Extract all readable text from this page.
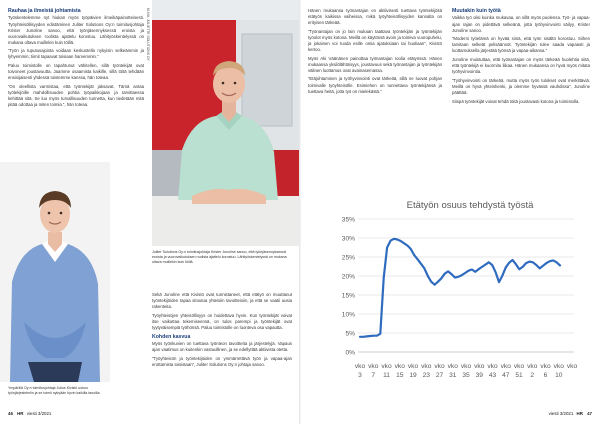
Rauhaa ja ilmeistä johtamista

Työskentelemme nyt hiukan myös työpäivien ilmeikäpainotteisesti. Työyhteisöllisyyden edistäminen Juliter Solutions Oy:n toimitusjohtaja Krister Junoline sanoo, että työnjäsennyksessä eroista ja vuorovaikutuksen roolista ajattelu korostuu. Lähityöskentelyssä on mukana oltava muillekin kuin töillä.

”Työn ja tuputusajoista voidaan keskustella nykyisin selkeämmin ja lyhyemmin; tiimit tapaavat toisiaan harvemmin.”

Paluu toimistolle on tapahtunut vähitellen, sillä työntekijät ovat toivoneet joustavuutta. Jaamme osaamista kaikille, sillä töitä tehdään ensisijaisesti yhdessä toistemme kanssa, hän toteaa.

”On oleellista varmistaa, että työntekijät jaksavat. Tämä antaa työtekijöille mahdollisuuden pohtia työpaikkojaan ja tarvittaessa kehittää sitä. Se luo myös turvallisuuden tunnetta, kun tiedetään mitä pitää odottaa ja miten toimia.”, hän toteaa.

KUVA: JULIETTE SOLUTIONS OY
Ympärillä Oy:n toimitusjohtaja Julius Kivistö uskoo työnjärjestelmiin ja se toimii nykyään hyvin kaikilla tasoilla.
Juliter Solutions Oy:n toimitusjohtaja Krister Junoline sanoo, että työnjäsennyksessä eroista ja vuorovaikutuksen roolista ajattelu korostuu. Lähityöskentelyssä on mukana oltava muillekin kuin töillä.

Sekä Junoline että Kivistö ovat tunnistaneet, että etätyö on muuttanut työntekijöiden tapaa sitoutua yhteisiin tavoitteisiin, ja että se vaatii uusia rakenteita.

Työyhteisöjen yhteisöllisyys on hoidettava hyvin. Kun työntekijät voivat itse vaikuttaa tekemiseensä, on tulos parempi ja työntekijät ovat tyytyväisempiä työhönsä. Paluu toimistolle on luonteva osa vapautta.

Kohden kasvua

Myös työnkuvien on tuettava työnteon tavoitteita ja järjestelyjä. Vapaus ajan vaatimus on kuitenkin vastuullinen, ja se edellyttää aktiivista otetta.

”Työyhteisön ja työntekijöiden on ymmärrettävä työn ja vapaa-ajan erottamista toisistaan”, Juliter Solutions Oy:n johtaja sanoo.

46 HR viesti 3/2021

Hänen mukaansa työnantajan on aktiivisesti tuettava työntekijöitä etätyön kaikissa vaiheissa, mikä työyhteisöllisyyden kannalta on erityisen tärkeää.

”Työnantajan on jo lain mukaan taattava työntekijän ja työntekijän työolot myös kotona. Meillä on käytössä avoin ja toimiva vuoropuhelu, ja jokainen voi tuoda esille omia ajatuksiaan tai huoliaan”, Kivistö kertoo.

Myös Aki Väänänen painottaa työnantajan roolia etätyössä. Hänen mukaansa yksilölähtöisyys, joustavuus sekä työnantajan ja työntekijän välinen luottamus ovat avainasemassa.

”Etäjohtaminen ja työhyvinvointi ovat tärkeitä, sillä ne luovat pohjan toimivalle työyhteisölle. Esimiehen on tunnettava työntekijänsä ja tuettava heitä, jotta työ on mielekästä.”

Muutakin kuin työtä

Vaikka työ olisi kuinka mukavaa, on sillä myös puolensa. Työ- ja vapaa-ajan rajan on pidettävä selkeänä, jotta työhyvinvointi säilyy, Krister Junoline sanoo.

”Moderni työelämä on hyvää siinä, että työn sisältö korostuu. Siihen tarvitaan selkeät pelisäännöt. Työntekijän tulee saada vapaasti ja luottamuksella järjestää työnsä ja vapaa-aikansa.”

Junoline muistuttaa, että työnantajan on myös tärkeää huolehtia siitä, että työntekijä ei kuormitu liikaa. Hänen mukaansa on hyvä myös mitata työhyvinvointia.

”Työhyvinvointi on tärkeää, mutta myös työn tulokset ovat merkittäviä. Meillä on hyvä yhteishenki, ja olemme hyvässä vauhdissa”, Junoline päättää.

Siispä työntekijät voivat tehdä töitä joustavasti kotona ja toimistolla.

viesti 3/2021 HR 47
Etätyön osuus tehdystä työstä
0%
5%
10%
15%
20%
25%
30%
35%
vko
3
vko
7
vko
11
vko
15
vko
19
vko
23
vko
27
vko
31
vko
35
vko
39
vko
43
vko
47
vko
51
vko
2
vko
6
vko
10
vko
